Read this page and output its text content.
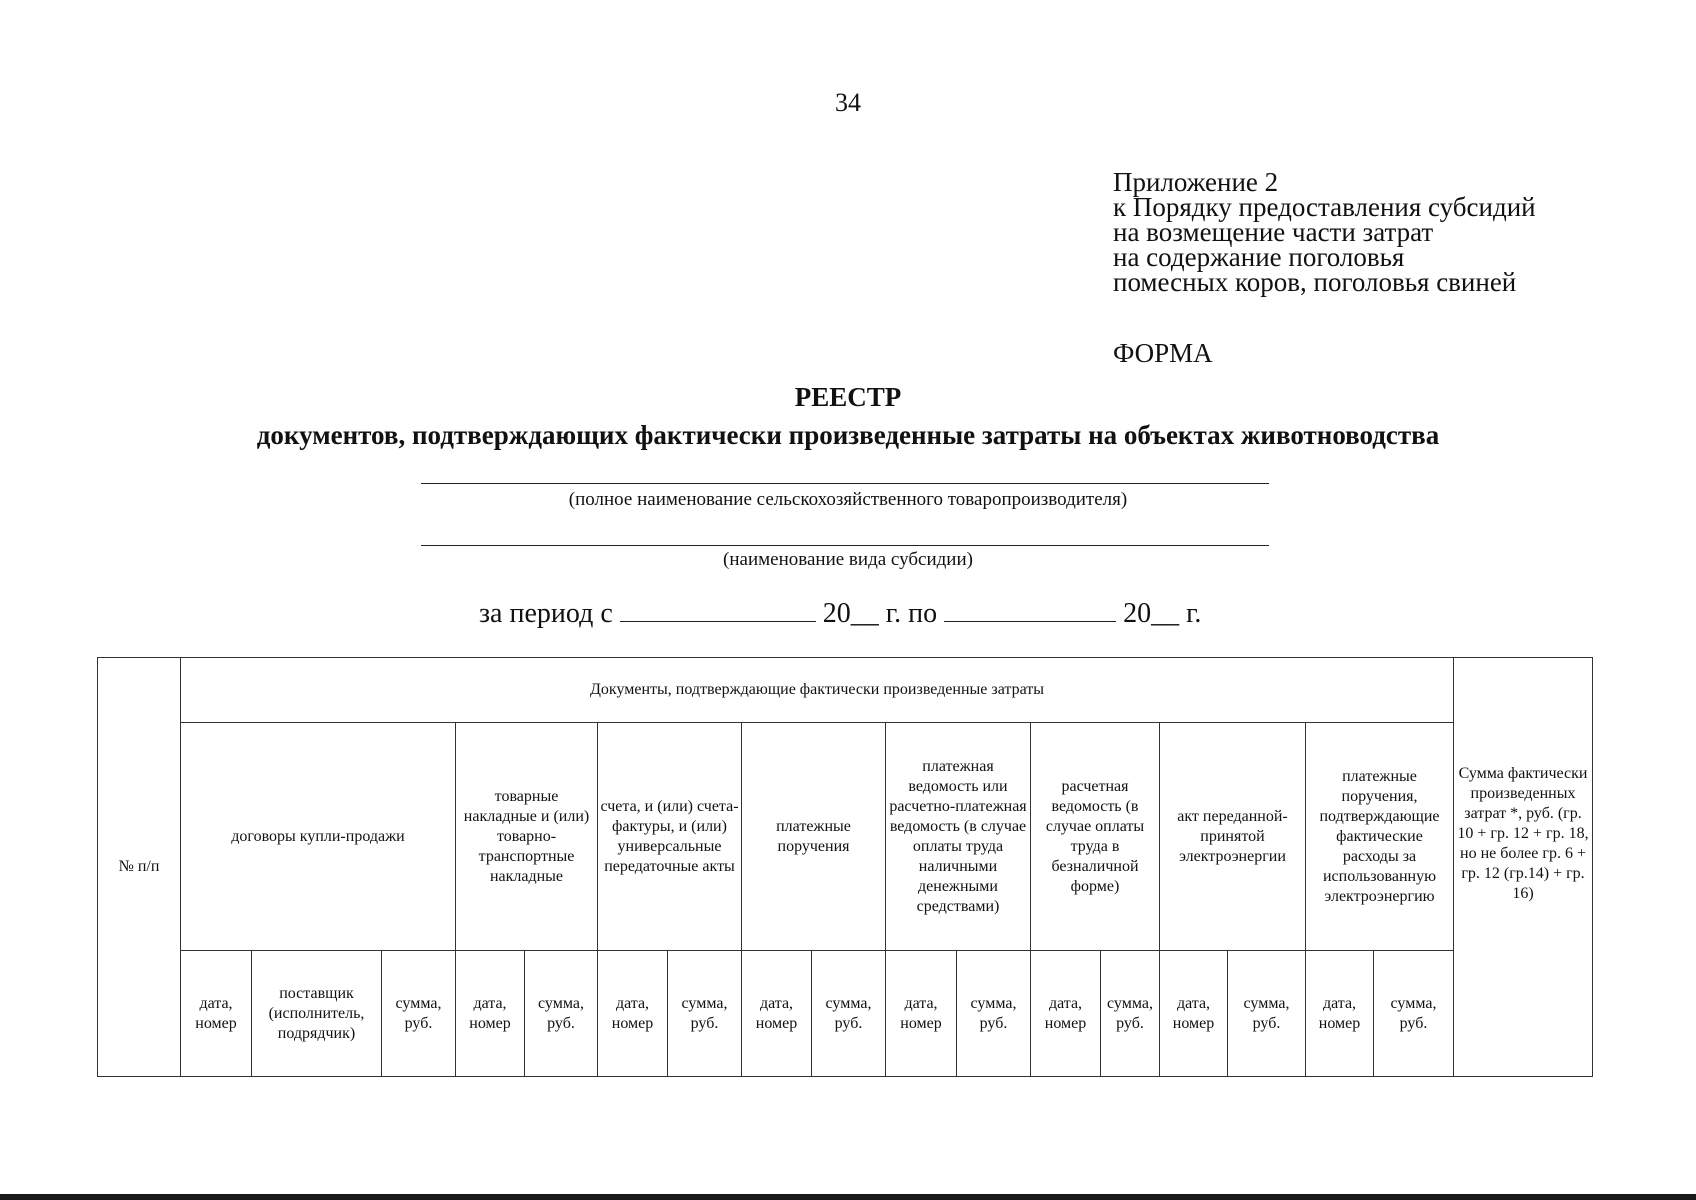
34
Приложение 2
к Порядку предоставления субсидий
на возмещение части затрат
на содержание поголовья
помесных коров, поголовья свиней
ФОРМА
РЕЕСТР
документов, подтверждающих фактически произведенные затраты на объектах животноводства
(полное наименование сельскохозяйственного товаропроизводителя)
(наименование вида субсидии)
за период с	20__ г. по	20__ г.
№ п/п	Документы, подтверждающие фактически произведенные затраты																	Сумма фактически произведенных затрат *, руб. (гр. 10 + гр. 12 + гр. 18, но не более гр. 6 + гр. 12 (гр.14) + гр. 16)
	договоры купли-продажи			товарные накладные и (или) товарно-транспортные накладные		счета, и (или) счета-фактуры, и (или) универсальные передаточные акты		платежные поручения		платежная ведомость или расчетно-платежная ведомость (в случае оплаты труда наличными денежными средствами)		расчетная ведомость (в случае оплаты труда в безналичной форме)		акт переданной-принятой электроэнергии		платежные поручения, подтверждающие фактические расходы за использованную электроэнергию		
	дата, номер	поставщик (исполнитель, подрядчик)	сумма, руб.	дата, номер	сумма, руб.	дата, номер	сумма, руб.	дата, номер	сумма, руб.	дата, номер	сумма, руб.	дата, номер	сумма, руб.	дата, номер	сумма, руб.	дата, номер	сумма, руб.	
